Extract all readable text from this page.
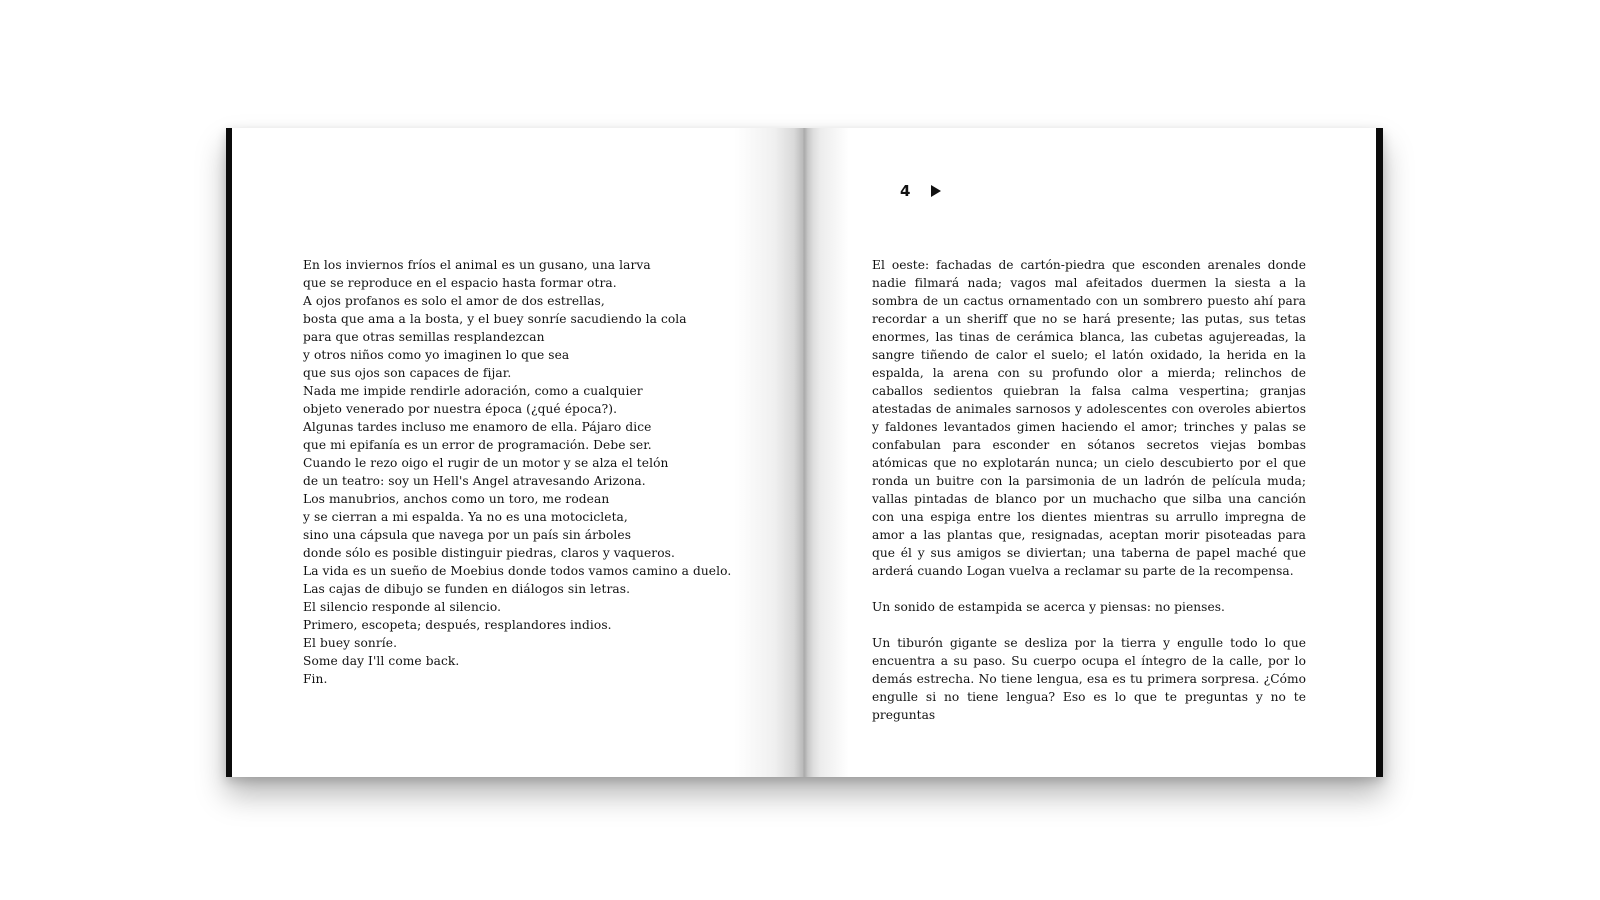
En los inviernos fríos el animal es un gusano, una larva
que se reproduce en el espacio hasta formar otra.
A ojos profanos es solo el amor de dos estrellas,
bosta que ama a la bosta, y el buey sonríe sacudiendo la cola
para que otras semillas resplandezcan
y otros niños como yo imaginen lo que sea
que sus ojos son capaces de fijar.
Nada me impide rendirle adoración, como a cualquier
objeto venerado por nuestra época (¿qué época?).
Algunas tardes incluso me enamoro de ella. Pájaro dice
que mi epifanía es un error de programación. Debe ser.
Cuando le rezo oigo el rugir de un motor y se alza el telón
de un teatro: soy un Hell's Angel atravesando Arizona.
Los manubrios, anchos como un toro, me rodean
y se cierran a mi espalda. Ya no es una motocicleta,
sino una cápsula que navega por un país sin árboles
donde sólo es posible distinguir piedras, claros y vaqueros.
La vida es un sueño de Moebius donde todos vamos camino a duelo.
Las cajas de dibujo se funden en diálogos sin letras.
El silencio responde al silencio.
Primero, escopeta; después, resplandores indios.
El buey sonríe.
Some day I'll come back.
Fin.
4

El oeste: fachadas de cartón-piedra que esconden arenales donde nadie filmará nada; vagos mal afeitados duermen la siesta a la sombra de un cactus ornamentado con un sombrero puesto ahí para recordar a un sheriff que no se hará presente; las putas, sus tetas enormes, las tinas de cerámica blanca, las cubetas agujereadas, la sangre tiñendo de calor el suelo; el latón oxidado, la herida en la espalda, la arena con su profundo olor a mierda; relinchos de caballos sedientos quiebran la falsa calma vespertina; granjas atestadas de animales sarnosos y adolescentes con overoles abiertos y faldones levantados gimen haciendo el amor; trinches y palas se confabulan para esconder en sótanos secretos viejas bombas atómicas que no explotarán nunca; un cielo descubierto por el que ronda un buitre con la parsimonia de un ladrón de película muda; vallas pintadas de blanco por un muchacho que silba una canción con una espiga entre los dientes mientras su arrullo impregna de amor a las plantas que, resignadas, aceptan morir pisoteadas para que él y sus amigos se diviertan; una taberna de papel maché que arderá cuando Logan vuelva a reclamar su parte de la recompensa.

Un sonido de estampida se acerca y piensas: no pienses.

Un tiburón gigante se desliza por la tierra y engulle todo lo que encuentra a su paso. Su cuerpo ocupa el íntegro de la calle, por lo demás estrecha. No tiene lengua, esa es tu primera sorpresa. ¿Cómo engulle si no tiene lengua? Eso es lo que te preguntas y no te preguntas
